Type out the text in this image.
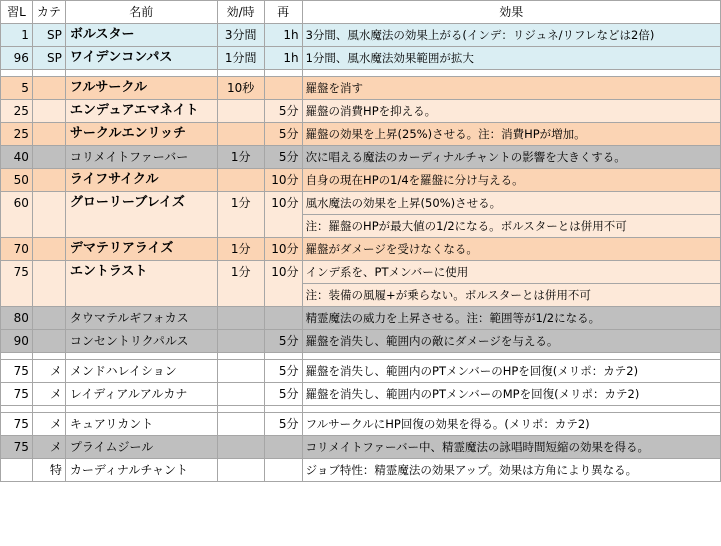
習L	カテ	名前	効/時	再	効果
1	SP	ボルスター	3分間	1h	3分間、風水魔法の効果上がる(インデ：リジュネ/リフレなどは2倍)
96	SP	ワイデンコンパス	1分間	1h	1分間、風水魔法効果範囲が拡大

5		フルサークル	10秒		羅盤を消す
25		エンデュアエマネイト		5分	羅盤の消費HPを抑える。
25		サークルエンリッチ		5分	羅盤の効果を上昇(25%)させる。注：消費HPが増加。
40		コリメイトファーバー	1分	5分	次に唱える魔法のカーディナルチャントの影響を大きくする。
50		ライフサイクル		10分	自身の現在HPの1/4を羅盤に分け与える。
60		グローリーブレイズ	1分	10分	風水魔法の効果を上昇(50%)させる。
					注：羅盤のHPが最大値の1/2になる。ボルスターとは併用不可
70		デマテリアライズ	1分	10分	羅盤がダメージを受けなくなる。
75		エントラスト	1分	10分	インデ系を、PTメンバーに使用
					注：装備の風履+が乗らない。ボルスターとは併用不可
80		タウマテルギフォカス			精霊魔法の威力を上昇させる。注：範囲等が1/2になる。
90		コンセントリクパルス		5分	羅盤を消失し、範囲内の敵にダメージを与える。

75	メ	メンドハレイション		5分	羅盤を消失し、範囲内のPTメンバーのHPを回復(メリポ：カテ2)
75	メ	レイディアルアルカナ		5分	羅盤を消失し、範囲内のPTメンバーのMPを回復(メリポ：カテ2)

75	メ	キュアリカント		5分	フルサークルにHP回復の効果を得る。(メリポ：カテ2)
75	メ	プライムジール			コリメイトファーバー中、精霊魔法の詠唱時間短縮の効果を得る。
	特	カーディナルチャント			ジョブ特性：精霊魔法の効果アップ。効果は方角により異なる。
